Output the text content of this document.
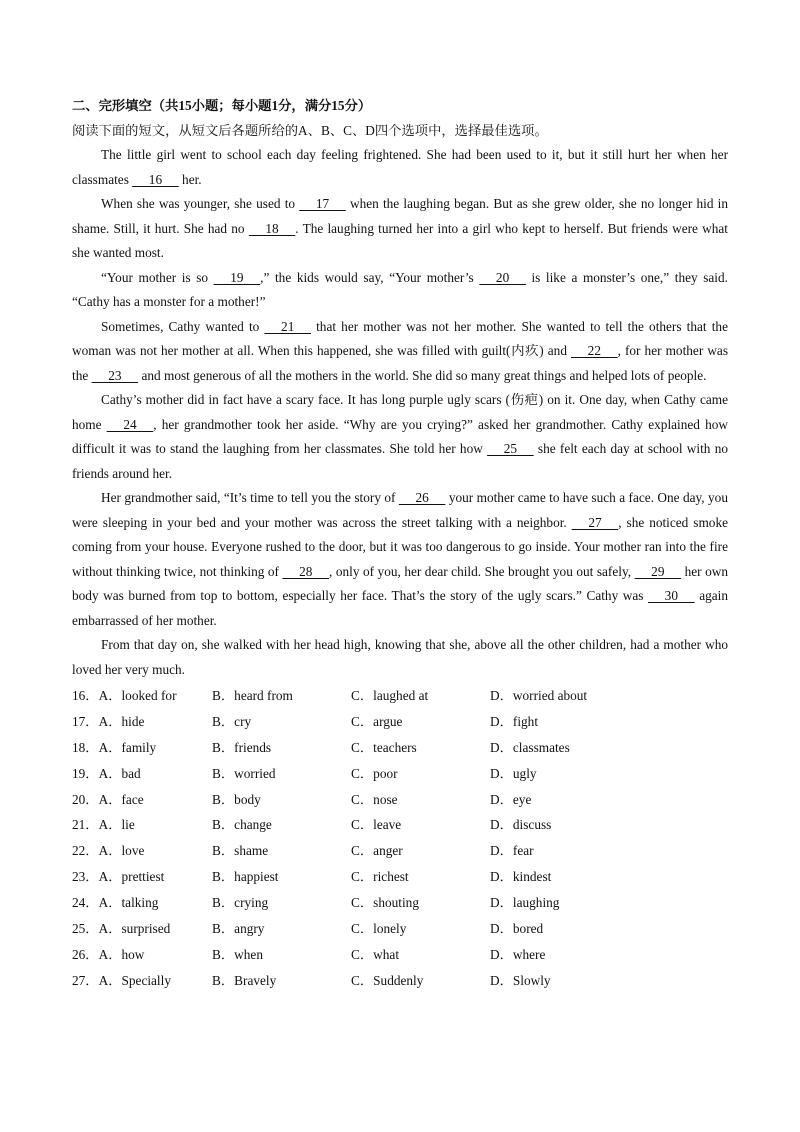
二、完形填空（共15小题；每小题1分，满分15分）

阅读下面的短文，从短文后各题所给的A、B、C、D四个选项中，选择最佳选项。

The little girl went to school each day feeling frightened. She had been used to it, but it still hurt her when her classmates      16      her.

When she was younger, she used to      17      when the laughing began. But as she grew older, she no longer hid in shame. Still, it hurt. She had no      18     . The laughing turned her into a girl who kept to herself. But friends were what she wanted most.

“Your mother is so      19     ,” the kids would say, “Your mother’s      20      is like a monster’s one,” they said. “Cathy has a monster for a mother!”

Sometimes, Cathy wanted to      21      that her mother was not her mother. She wanted to tell the others that the woman was not her mother at all. When this happened, she was filled with guilt(内疚) and      22     , for her mother was the      23      and most generous of all the mothers in the world. She did so many great things and helped lots of people.

Cathy’s mother did in fact have a scary face. It has long purple ugly scars (伤疤) on it. One day, when Cathy came home      24     , her grandmother took her aside. “Why are you crying?” asked her grandmother. Cathy explained how difficult it was to stand the laughing from her classmates. She told her how      25      she felt each day at school with no friends around her.

Her grandmother said, “It’s time to tell you the story of      26      your mother came to have such a face. One day, you were sleeping in your bed and your mother was across the street talking with a neighbor.      27     , she noticed smoke coming from your house. Everyone rushed to the door, but it was too dangerous to go inside. Your mother ran into the fire without thinking twice, not thinking of      28     , only of you, her dear child. She brought you out safely,      29      her own body was burned from top to bottom, especially her face. That’s the story of the ugly scars.” Cathy was      30      again embarrassed of her mother.

From that day on, she walked with her head high, knowing that she, above all the other children, had a mother who loved her very much.

16．A．looked for	B．heard from	C．laughed at	D．worried about
17．A．hide	B．cry	C．argue	D．fight
18．A．family	B．friends	C．teachers	D．classmates
19．A．bad	B．worried	C．poor	D．ugly
20．A．face	B．body	C．nose	D．eye
21．A．lie	B．change	C．leave	D．discuss
22．A．love	B．shame	C．anger	D．fear
23．A．prettiest	B．happiest	C．richest	D．kindest
24．A．talking	B．crying	C．shouting	D．laughing
25．A．surprised	B．angry	C．lonely	D．bored
26．A．how	B．when	C．what	D．where
27．A．Specially	B．Bravely	C．Suddenly	D．Slowly
